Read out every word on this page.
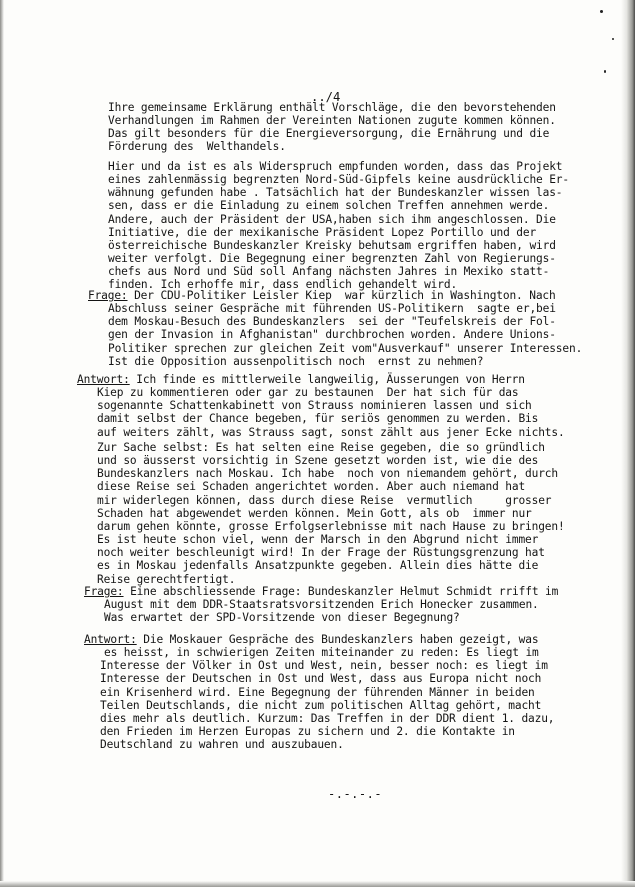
../4
Ihre gemeinsame Erklärung enthält Vorschläge, die den bevorstehenden
Verhandlungen im Rahmen der Vereinten Nationen zugute kommen können.
Das gilt besonders für die Energieversorgung, die Ernährung und die
Förderung des  Welthandels.
Hier und da ist es als Widerspruch empfunden worden, dass das Projekt
eines zahlenmässig begrenzten Nord-Süd-Gipfels keine ausdrückliche Er-
wähnung gefunden habe . Tatsächlich hat der Bundeskanzler wissen las-
sen, dass er die Einladung zu einem solchen Treffen annehmen werde.
Andere, auch der Präsident der USA,haben sich ihm angeschlossen. Die
Initiative, die der mexikanische Präsident Lopez Portillo und der
österreichische Bundeskanzler Kreisky behutsam ergriffen haben, wird
weiter verfolgt. Die Begegnung einer begrenzten Zahl von Regierungs-
chefs aus Nord und Süd soll Anfang nächsten Jahres in Mexiko statt-
finden. Ich erhoffe mir, dass endlich gehandelt wird.
Frage: Der CDU-Politiker Leisler Kiep  war kürzlich in Washington. Nach
Abschluss seiner Gespräche mit führenden US-Politikern  sagte er,bei
dem Moskau-Besuch des Bundeskanzlers  sei der "Teufelskreis der Fol-
gen der Invasion in Afghanistan" durchbrochen worden. Andere Unions-
Politiker sprechen zur gleichen Zeit vom"Ausverkauf" unserer Interessen.
Ist die Opposition aussenpolitisch noch  ernst zu nehmen?
Antwort: Ich finde es mittlerweile langweilig, Äusserungen von Herrn
Kiep zu kommentieren oder gar zu bestaunen  Der hat sich für das
sogenannte Schattenkabinett von Strauss nominieren lassen und sich
damit selbst der Chance begeben, für seriös genommen zu werden. Bis
auf weiters zählt, was Strauss sagt, sonst zählt aus jener Ecke nichts.
Zur Sache selbst: Es hat selten eine Reise gegeben, die so gründlich
und so äusserst vorsichtig in Szene gesetzt worden ist, wie die des
Bundeskanzlers nach Moskau. Ich habe  noch von niemandem gehört, durch
diese Reise sei Schaden angerichtet worden. Aber auch niemand hat
mir widerlegen können, dass durch diese Reise  vermutlich     grosser
Schaden hat abgewendet werden können. Mein Gott, als ob  immer nur
darum gehen könnte, grosse Erfolgserlebnisse mit nach Hause zu bringen!
Es ist heute schon viel, wenn der Marsch in den Abgrund nicht immer
noch weiter beschleunigt wird! In der Frage der Rüstungsgrenzung hat
es in Moskau jedenfalls Ansatzpunkte gegeben. Allein dies hätte die
Reise gerechtfertigt.
Frage: Eine abschliessende Frage: Bundeskanzler Helmut Schmidt rrifft im
August mit dem DDR-Staatsratsvorsitzenden Erich Honecker zusammen.
Was erwartet der SPD-Vorsitzende von dieser Begegnung?
Antwort: Die Moskauer Gespräche des Bundeskanzlers haben gezeigt, was
es heisst, in schwierigen Zeiten miteinander zu reden: Es liegt im
Interesse der Völker in Ost und West, nein, besser noch: es liegt im
Interesse der Deutschen in Ost und West, dass aus Europa nicht noch
ein Krisenherd wird. Eine Begegnung der führenden Männer in beiden
Teilen Deutschlands, die nicht zum politischen Alltag gehört, macht
dies mehr als deutlich. Kurzum: Das Treffen in der DDR dient 1. dazu,
den Frieden im Herzen Europas zu sichern und 2. die Kontakte in
Deutschland zu wahren und auszubauen.
-.-.-.-
